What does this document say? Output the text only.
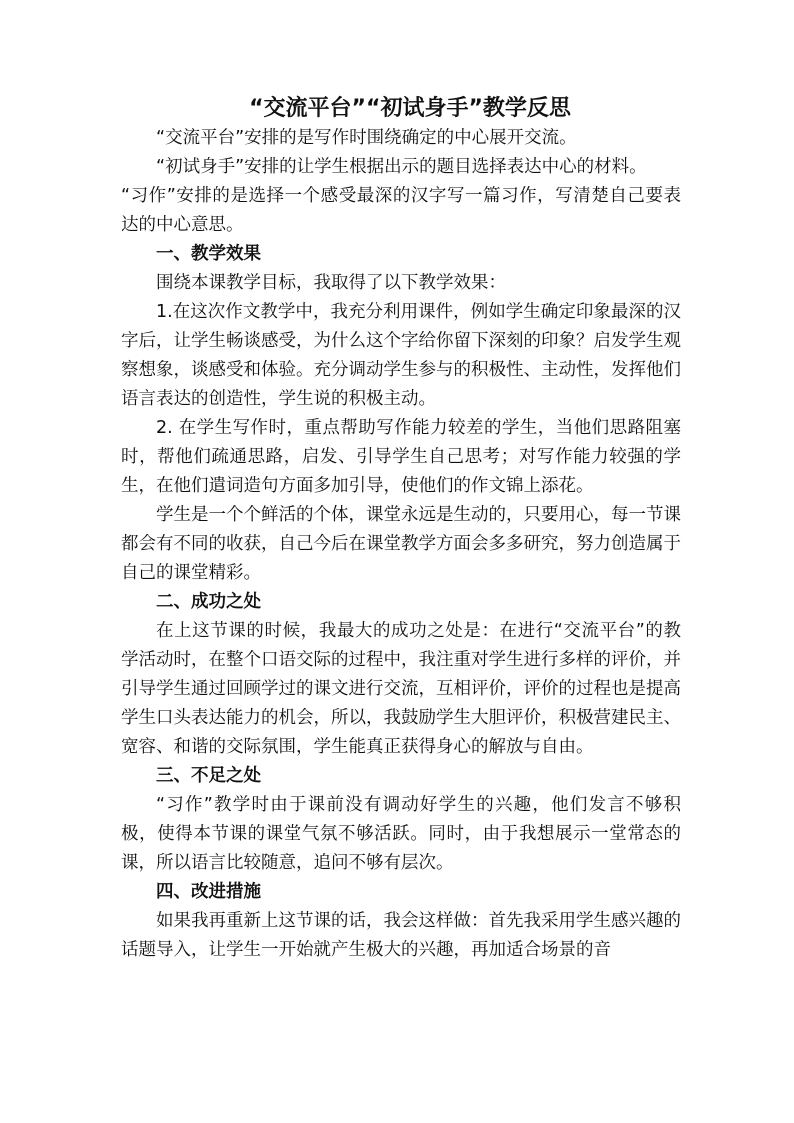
“交流平台”“初试身手”教学反思

“交流平台”安排的是写作时围绕确定的中心展开交流。

“初试身手”安排的让学生根据出示的题目选择表达中心的材料。

“习作”安排的是选择一个感受最深的汉字写一篇习作，写清楚自己要表达的中心意思。

一、教学效果

围绕本课教学目标，我取得了以下教学效果：

1.在这次作文教学中，我充分利用课件，例如学生确定印象最深的汉字后，让学生畅谈感受，为什么这个字给你留下深刻的印象？启发学生观察想象，谈感受和体验。充分调动学生参与的积极性、主动性，发挥他们语言表达的创造性，学生说的积极主动。

2. 在学生写作时，重点帮助写作能力较差的学生，当他们思路阻塞时，帮他们疏通思路，启发、引导学生自己思考；对写作能力较强的学生，在他们遣词造句方面多加引导，使他们的作文锦上添花。

学生是一个个鲜活的个体，课堂永远是生动的，只要用心，每一节课都会有不同的收获，自己今后在课堂教学方面会多多研究，努力创造属于自己的课堂精彩。

二、成功之处

在上这节课的时候，我最大的成功之处是：在进行“交流平台”的教学活动时，在整个口语交际的过程中，我注重对学生进行多样的评价，并引导学生通过回顾学过的课文进行交流，互相评价，评价的过程也是提高学生口头表达能力的机会，所以，我鼓励学生大胆评价，积极营建民主、宽容、和谐的交际氛围，学生能真正获得身心的解放与自由。

三、不足之处

“习作”教学时由于课前没有调动好学生的兴趣，他们发言不够积极，使得本节课的课堂气氛不够活跃。同时，由于我想展示一堂常态的课，所以语言比较随意，追问不够有层次。

四、改进措施

如果我再重新上这节课的话，我会这样做：首先我采用学生感兴趣的话题导入，让学生一开始就产生极大的兴趣，再加适合场景的音
